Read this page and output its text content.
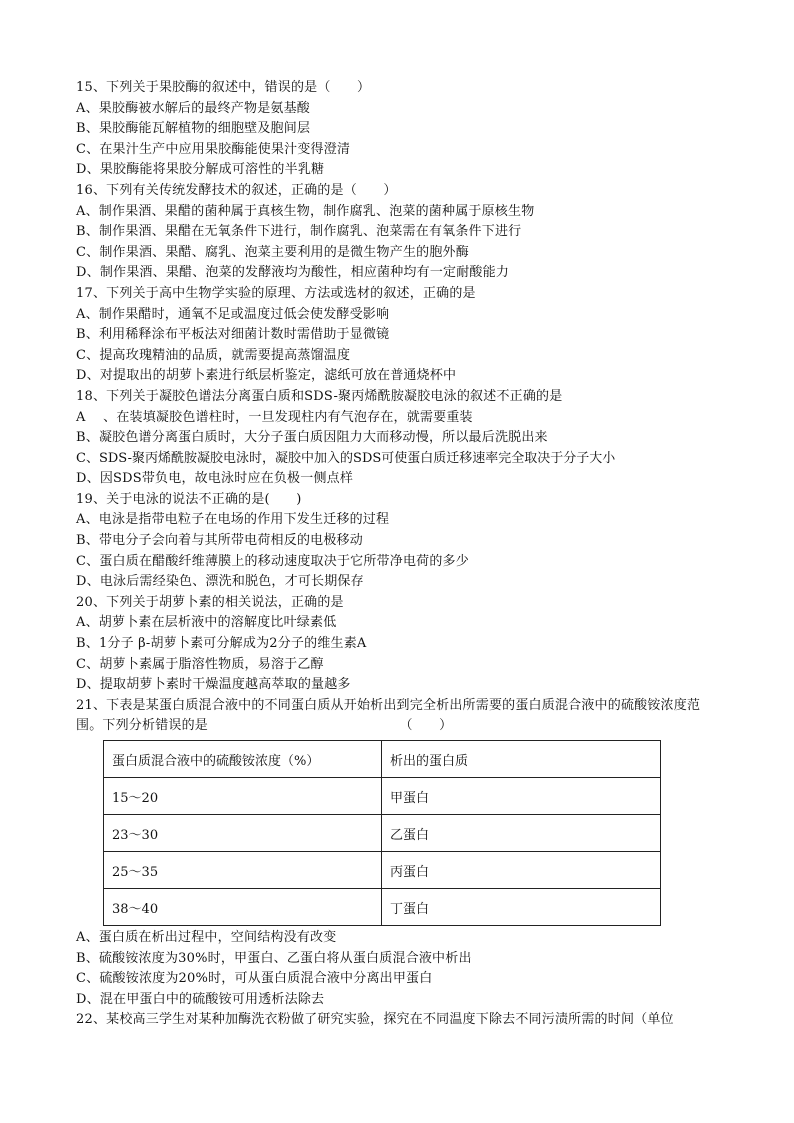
15、下列关于果胶酶的叙述中，错误的是（　　）
A、果胶酶被水解后的最终产物是氨基酸
B、果胶酶能瓦解植物的细胞壁及胞间层
C、在果汁生产中应用果胶酶能使果汁变得澄清
D、果胶酶能将果胶分解成可溶性的半乳糖
16、下列有关传统发酵技术的叙述，正确的是（　　）
A、制作果酒、果醋的菌种属于真核生物，制作腐乳、泡菜的菌种属于原核生物
B、制作果酒、果醋在无氧条件下进行，制作腐乳、泡菜需在有氧条件下进行
C、制作果酒、果醋、腐乳、泡菜主要利用的是微生物产生的胞外酶
D、制作果酒、果醋、泡菜的发酵液均为酸性，相应菌种均有一定耐酸能力
17、下列关于高中生物学实验的原理、方法或选材的叙述，正确的是
A、制作果醋时，通氧不足或温度过低会使发酵受影响
B、利用稀释涂布平板法对细菌计数时需借助于显微镜
C、提高玫瑰精油的品质，就需要提高蒸馏温度
D、对提取出的胡萝卜素进行纸层析鉴定，滤纸可放在普通烧杯中
18、下列关于凝胶色谱法分离蛋白质和SDS-聚丙烯酰胺凝胶电泳的叙述不正确的是
A　 、在装填凝胶色谱柱时，一旦发现柱内有气泡存在，就需要重装
B、凝胶色谱分离蛋白质时，大分子蛋白质因阻力大而移动慢，所以最后洗脱出来
C、SDS-聚丙烯酰胺凝胶电泳时，凝胶中加入的SDS可使蛋白质迁移速率完全取决于分子大小
D、因SDS带负电，故电泳时应在负极一侧点样
19、关于电泳的说法不正确的是(　　)
A、电泳是指带电粒子在电场的作用下发生迁移的过程
B、带电分子会向着与其所带电荷相反的电极移动
C、蛋白质在醋酸纤维薄膜上的移动速度取决于它所带净电荷的多少
D、电泳后需经染色、漂洗和脱色，才可长期保存
20、下列关于胡萝卜素的相关说法，正确的是
A、胡萝卜素在层析液中的溶解度比叶绿素低
B、1分子 β-胡萝卜素可分解成为2分子的维生素A
C、胡萝卜素属于脂溶性物质，易溶于乙醇
D、提取胡萝卜素时干燥温度越高萃取的量越多
21、下表是某蛋白质混合液中的不同蛋白质从开始析出到完全析出所需要的蛋白质混合液中的硫酸铵浓度范围。下列分析错误的是　　　　　　　　　　　　　　　（　　）
蛋白质混合液中的硫酸铵浓度（%）	析出的蛋白质
15～20	甲蛋白
23～30	乙蛋白
25～35	丙蛋白
38～40	丁蛋白
A、蛋白质在析出过程中，空间结构没有改变
B、硫酸铵浓度为30%时，甲蛋白、乙蛋白将从蛋白质混合液中析出
C、硫酸铵浓度为20%时，可从蛋白质混合液中分离出甲蛋白
D、混在甲蛋白中的硫酸铵可用透析法除去
22、某校高三学生对某种加酶洗衣粉做了研究实验，探究在不同温度下除去不同污渍所需的时间（单位
